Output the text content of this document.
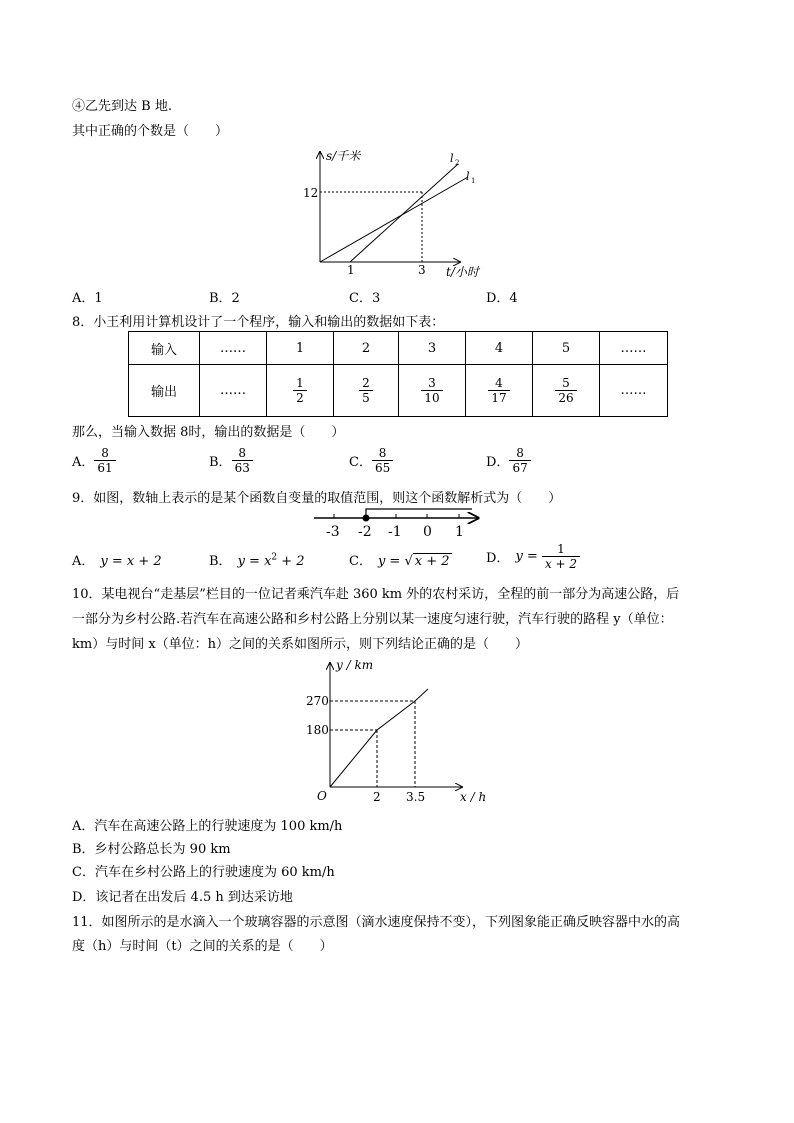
④乙先到达 B 地.
其中正确的个数是（　　）
s/千米
t/小时
l 2
l 1
12
1	3
A．1	B．2	C．3	D．4
8．小王利用计算机设计了一个程序，输入和输出的数据如下表：
输入	……	1	2	3	4	5	……
输出	……	$\frac{1}{2}$	$\frac{2}{5}$	$\frac{3}{10}$	$\frac{4}{17}$	$\frac{5}{26}$	……
那么，当输入数据 8时，输出的数据是（　　）
A． $\frac{8}{61}$	B． $\frac{8}{63}$	C． $\frac{8}{65}$	D． $\frac{8}{67}$
9．如图，数轴上表示的是某个函数自变量的取值范围，则这个函数解析式为（　　）
-3 -2 -1 0 1
A． y = x + 2	B． $y = x^2 + 2$	C． y = √ x + 2	D． $y = \frac{1}{x + 2}$
10．某电视台“走基层”栏目的一位记者乘汽车赴 360 km 外的农村采访，全程的前一部分为高速公路，后
一部分为乡村公路.若汽车在高速公路和乡村公路上分别以某一速度匀速行驶，汽车行驶的路程 y（单位：
km）与时间 x（单位：h）之间的关系如图所示，则下列结论正确的是（　　）
y / km
x / h
O
270
180
2 3.5
A．汽车在高速公路上的行驶速度为 100 km/h
B．乡村公路总长为 90 km
C．汽车在乡村公路上的行驶速度为 60 km/h
D．该记者在出发后 4.5 h 到达采访地
11．如图所示的是水滴入一个玻璃容器的示意图（滴水速度保持不变），下列图象能正确反映容器中水的高
度（h）与时间（t）之间的关系的是（　　）
